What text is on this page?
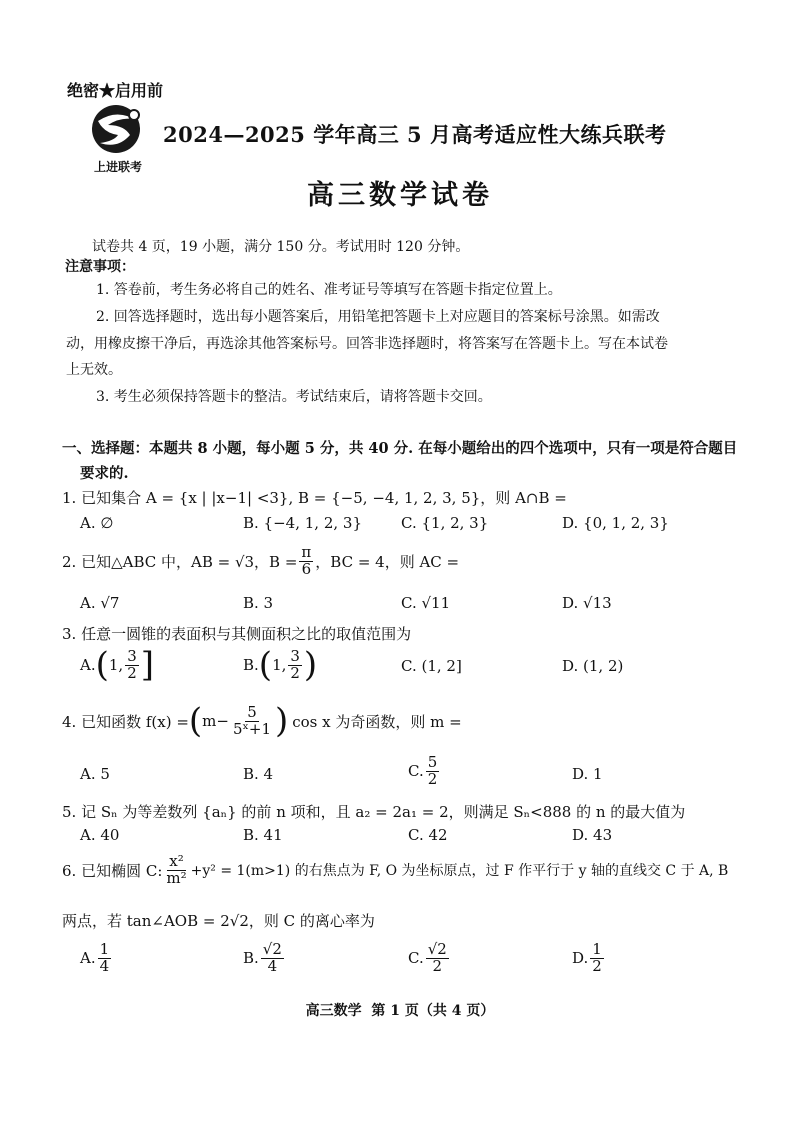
绝密★启用前
上进联考
2024—2025 学年高三 5 月高考适应性大练兵联考
高三数学试卷
试卷共 4 页，19 小题，满分 150 分。考试用时 120 分钟。
注意事项：
1. 答卷前，考生务必将自己的姓名、准考证号等填写在答题卡指定位置上。
2. 回答选择题时，选出每小题答案后，用铅笔把答题卡上对应题目的答案标号涂黑。如需改
动，用橡皮擦干净后，再选涂其他答案标号。回答非选择题时，将答案写在答题卡上。写在本试卷
上无效。
3. 考生必须保持答题卡的整洁。考试结束后，请将答题卡交回。
一、选择题：本题共 8 小题，每小题 5 分，共 40 分. 在每小题给出的四个选项中，只有一项是符合题目
要求的.
1. 已知集合 A = {x | |x−1| <3}, B = {−5, −4, 1, 2, 3, 5}，则 A∩B =
A. ∅	B. {−4, 1, 2, 3}	C. {1, 2, 3}	D. {0, 1, 2, 3}
2. 已知△ABC 中，AB = √3，$B = \frac{\pi}{6}$ ，BC = 4，则 AC =
A. √7	B. 3	C. √11	D. √13
3. 任意一圆锥的表面积与其侧面积之比的取值范围为
A. ( 1, $\frac{3}{2}$ ]	B. ( 1, $\frac{3}{2}$ )	C. (1, 2]	D. (1, 2)
4. 已知函数 f(x) = ( $m- \frac{5}{\text{5ˣ+1}}$ ) cos x 为奇函数，则 m =
A. 5	B. 4	C. $\frac{5}{2}$	D. 1
5. 记 Sₙ 为等差数列 {aₙ} 的前 n 项和，且 a₂ = 2a₁ = 2，则满足 Sₙ<888 的 n 的最大值为
A. 40	B. 41	C. 42	D. 43
6. 已知椭圆 C: $\frac{\text{x²}}{\text{m²}} +y^2 = 1(m>1)$ 的右焦点为 F, O 为坐标原点，过 F 作平行于 y 轴的直线交 C 于 A, B
两点，若 tan∠AOB = 2√2，则 C 的离心率为
A. $\frac{1}{4}$	B. $\frac{√2}{4}$	C. $\frac{√2}{2}$	D. $\frac{1}{2}$
高三数学  第 1 页（共 4 页）
